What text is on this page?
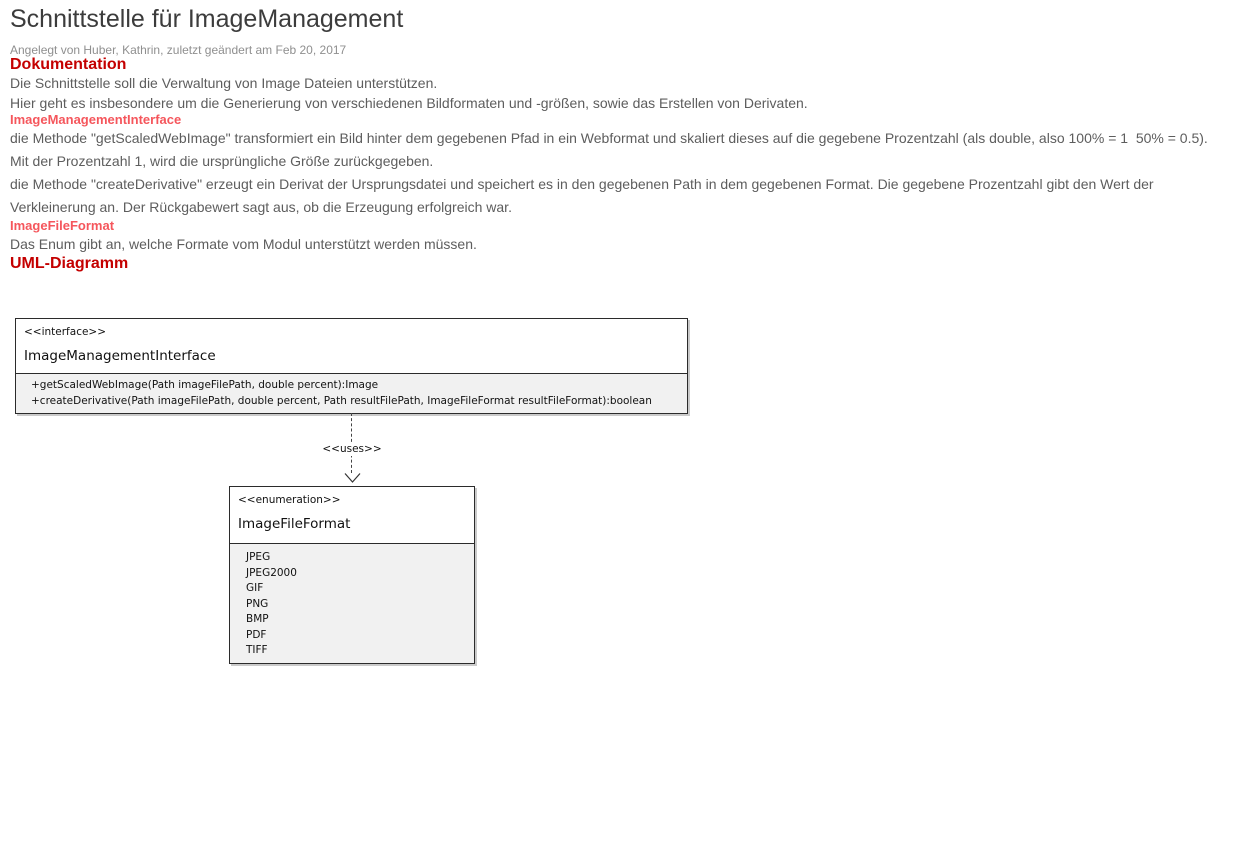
Schnittstelle für ImageManagement
Angelegt von Huber, Kathrin, zuletzt geändert am Feb 20, 2017
Dokumentation

Die Schnittstelle soll die Verwaltung von Image Dateien unterstützen.
Hier geht es insbesondere um die Generierung von verschiedenen Bildformaten und -größen, sowie das Erstellen von Derivaten.

ImageManagementInterface

die Methode "getScaledWebImage" transformiert ein Bild hinter dem gegebenen Pfad in ein Webformat und skaliert dieses auf die gegebene Prozentzahl (als double, also 100% = 1  50% = 0.5). Mit der Prozentzahl 1, wird die ursprüngliche Größe zurückgegeben.

die Methode "createDerivative" erzeugt ein Derivat der Ursprungsdatei und speichert es in den gegebenen Path in dem gegebenen Format. Die gegebene Prozentzahl gibt den Wert der Verkleinerung an. Der Rückgabewert sagt aus, ob die Erzeugung erfolgreich war.

ImageFileFormat

Das Enum gibt an, welche Formate vom Modul unterstützt werden müssen.

UML-Diagramm
<<interface>>
ImageManagementInterface
+getScaledWebImage(Path imageFilePath, double percent):Image
+createDerivative(Path imageFilePath, double percent, Path resultFilePath, ImageFileFormat resultFileFormat):boolean
<<uses>>
<<enumeration>>
ImageFileFormat
JPEG
JPEG2000
GIF
PNG
BMP
PDF
TIFF
